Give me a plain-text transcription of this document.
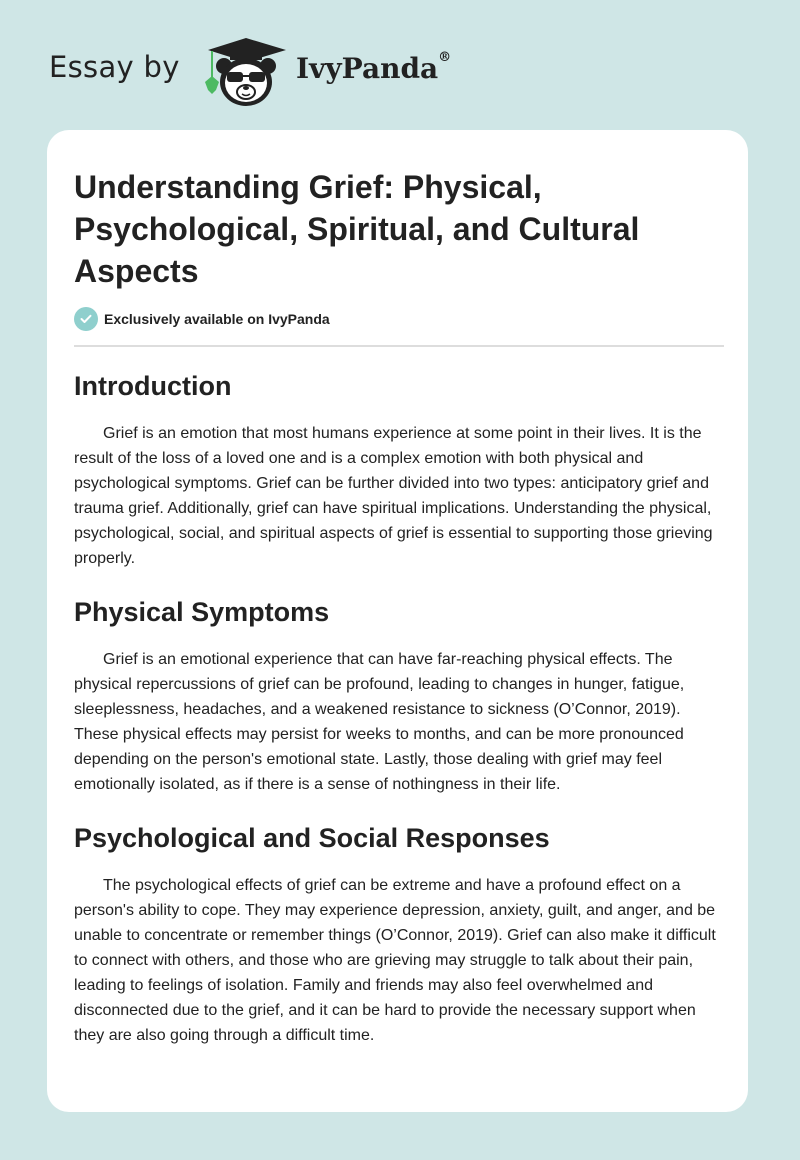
Essay by	IvyPanda®
Understanding Grief: Physical, Psychological, Spiritual, and Cultural Aspects
Exclusively available on IvyPanda
Introduction

Grief is an emotion that most humans experience at some point in their lives. It is the result of the loss of a loved one and is a complex emotion with both physical and psychological symptoms. Grief can be further divided into two types: anticipatory grief and trauma grief. Additionally, grief can have spiritual implications. Understanding the physical, psychological, social, and spiritual aspects of grief is essential to supporting those grieving properly.

Physical Symptoms

Grief is an emotional experience that can have far-reaching physical effects. The physical repercussions of grief can be profound, leading to changes in hunger, fatigue, sleeplessness, headaches, and a weakened resistance to sickness (O’Connor, 2019). These physical effects may persist for weeks to months, and can be more pronounced depending on the person's emotional state. Lastly, those dealing with grief may feel emotionally isolated, as if there is a sense of nothingness in their life.

Psychological and Social Responses

The psychological effects of grief can be extreme and have a profound effect on a person's ability to cope. They may experience depression, anxiety, guilt, and anger, and be unable to concentrate or remember things (O’Connor, 2019). Grief can also make it difficult to connect with others, and those who are grieving may struggle to talk about their pain, leading to feelings of isolation. Family and friends may also feel overwhelmed and disconnected due to the grief, and it can be hard to provide the necessary support when they are also going through a difficult time.
